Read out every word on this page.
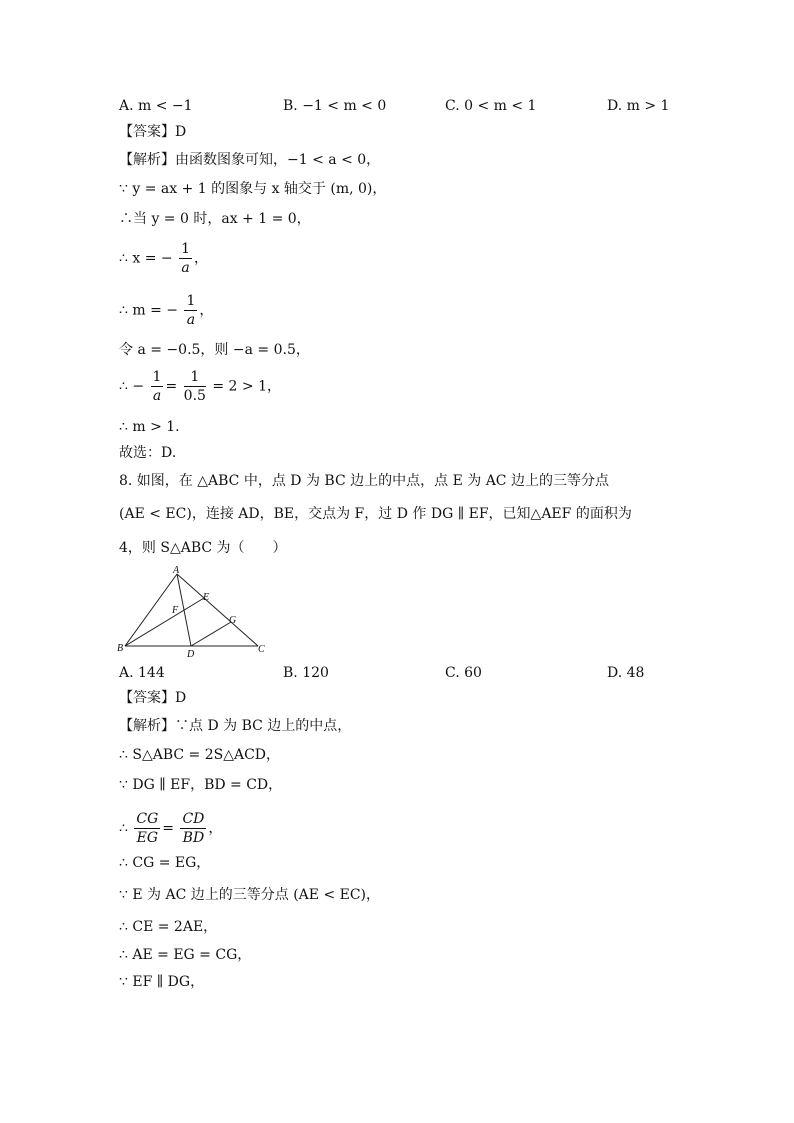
A. m < −1	B. −1 < m < 0	C. 0 < m < 1	D. m > 1
【答案】D
【解析】由函数图象可知，−1 < a < 0，
∵ y = ax + 1 的图象与 x 轴交于 (m, 0)，
∴当 y = 0 时，ax + 1 = 0，
∴ x = − $\frac{1}{a}$ ，
∴ m = − $\frac{1}{a}$ ，
令 a = −0.5，则 −a = 0.5，
∴ − $\frac{1}{a} = \frac{1}{0.5} = 2 > 1$，
∴ m > 1.
故选：D.
8. 如图，在 △ABC 中，点 D 为 BC 边上的中点，点 E 为 AC 边上的三等分点
(AE < EC)，连接 AD，BE，交点为 F，过 D 作 DG ∥ EF，已知△AEF 的面积为
4，则 S△ABC 为（　　）
A
B	C
D
E
F
G
A. 144	B. 120	C. 60	D. 48
【答案】D
【解析】∵点 D 为 BC 边上的中点，
∴ S△ABC = 2S△ACD，
∵ DG ∥ EF，BD = CD，
∴ $\frac{CG}{EG} = \frac{CD}{BD}$ ，
∴ CG = EG，
∵ E 为 AC 边上的三等分点 (AE < EC)，
∴ CE = 2AE，
∴ AE = EG = CG，
∵ EF ∥ DG，
